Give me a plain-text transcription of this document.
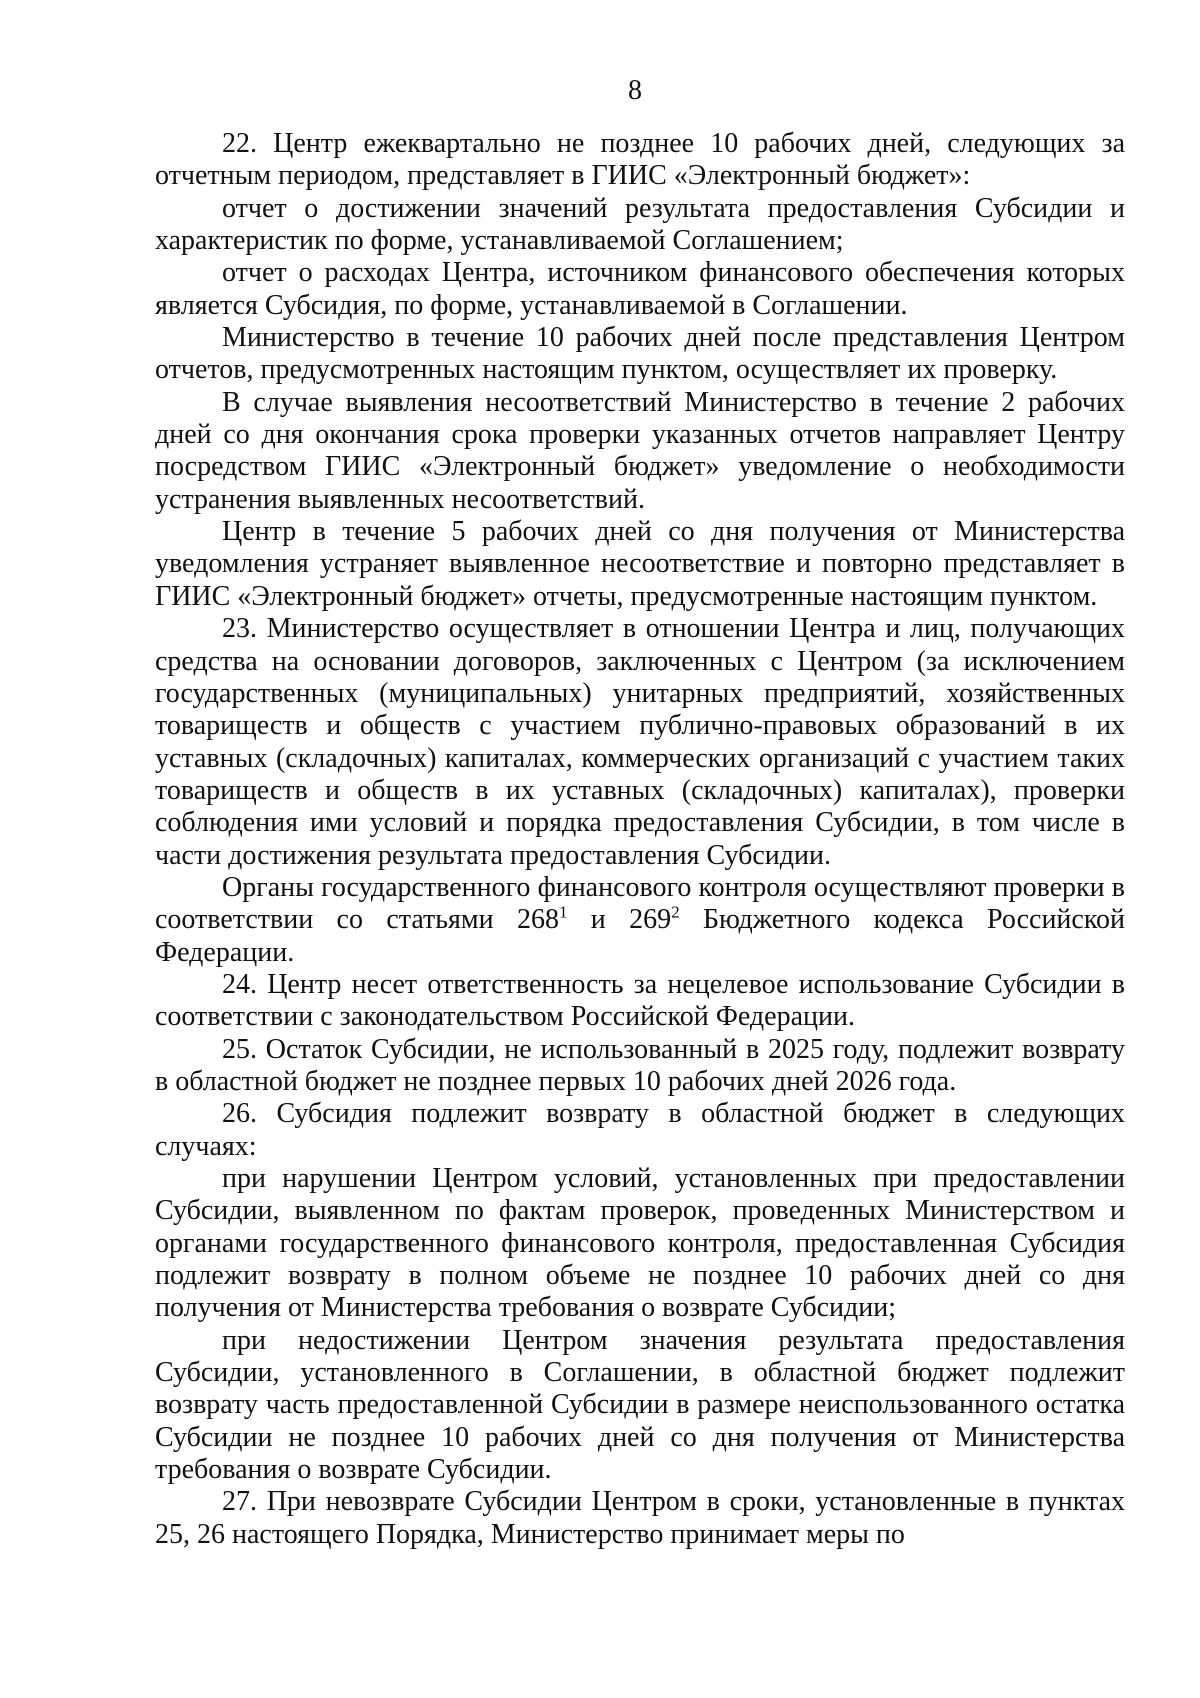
8

22. Центр ежеквартально не позднее 10 рабочих дней, следующих за отчетным периодом, представляет в ГИИС «Электронный бюджет»:

отчет о достижении значений результата предоставления Субсидии и характеристик по форме, устанавливаемой Соглашением;

отчет о расходах Центра, источником финансового обеспечения которых является Субсидия, по форме, устанавливаемой в Соглашении.

Министерство в течение 10 рабочих дней после представления Центром отчетов, предусмотренных настоящим пунктом, осуществляет их проверку.

В случае выявления несоответствий Министерство в течение 2 рабочих дней со дня окончания срока проверки указанных отчетов направляет Центру посредством ГИИС «Электронный бюджет» уведомление о необходимости устранения выявленных несоответствий.

Центр в течение 5 рабочих дней со дня получения от Министерства уведомления устраняет выявленное несоответствие и повторно представляет в ГИИС «Электронный бюджет» отчеты, предусмотренные настоящим пунктом.

23. Министерство осуществляет в отношении Центра и лиц, получающих средства на основании договоров, заключенных с Центром (за исключением государственных (муниципальных) унитарных предприятий, хозяйственных товариществ и обществ с участием публично-правовых образований в их уставных (складочных) капиталах, коммерческих организаций с участием таких товариществ и обществ в их уставных (складочных) капиталах), проверки соблюдения ими условий и порядка предоставления Субсидии, в том числе в части достижения результата предоставления Субсидии.

Органы государственного финансового контроля осуществляют проверки в соответствии со статьями $268^1$ и $269^2$ Бюджетного кодекса Российской Федерации.

24. Центр несет ответственность за нецелевое использование Субсидии в соответствии с законодательством Российской Федерации.

25. Остаток Субсидии, не использованный в 2025 году, подлежит возврату в областной бюджет не позднее первых 10 рабочих дней 2026 года.

26. Субсидия подлежит возврату в областной бюджет в следующих случаях:

при нарушении Центром условий, установленных при предоставлении Субсидии, выявленном по фактам проверок, проведенных Министерством и органами государственного финансового контроля, предоставленная Субсидия подлежит возврату в полном объеме не позднее 10 рабочих дней со дня получения от Министерства требования о возврате Субсидии;

при недостижении Центром значения результата предоставления Субсидии, установленного в Соглашении, в областной бюджет подлежит возврату часть предоставленной Субсидии в размере неиспользованного остатка Субсидии не позднее 10 рабочих дней со дня получения от Министерства требования о возврате Субсидии.

27. При невозврате Субсидии Центром в сроки, установленные в пунктах 25, 26 настоящего Порядка, Министерство принимает меры по
